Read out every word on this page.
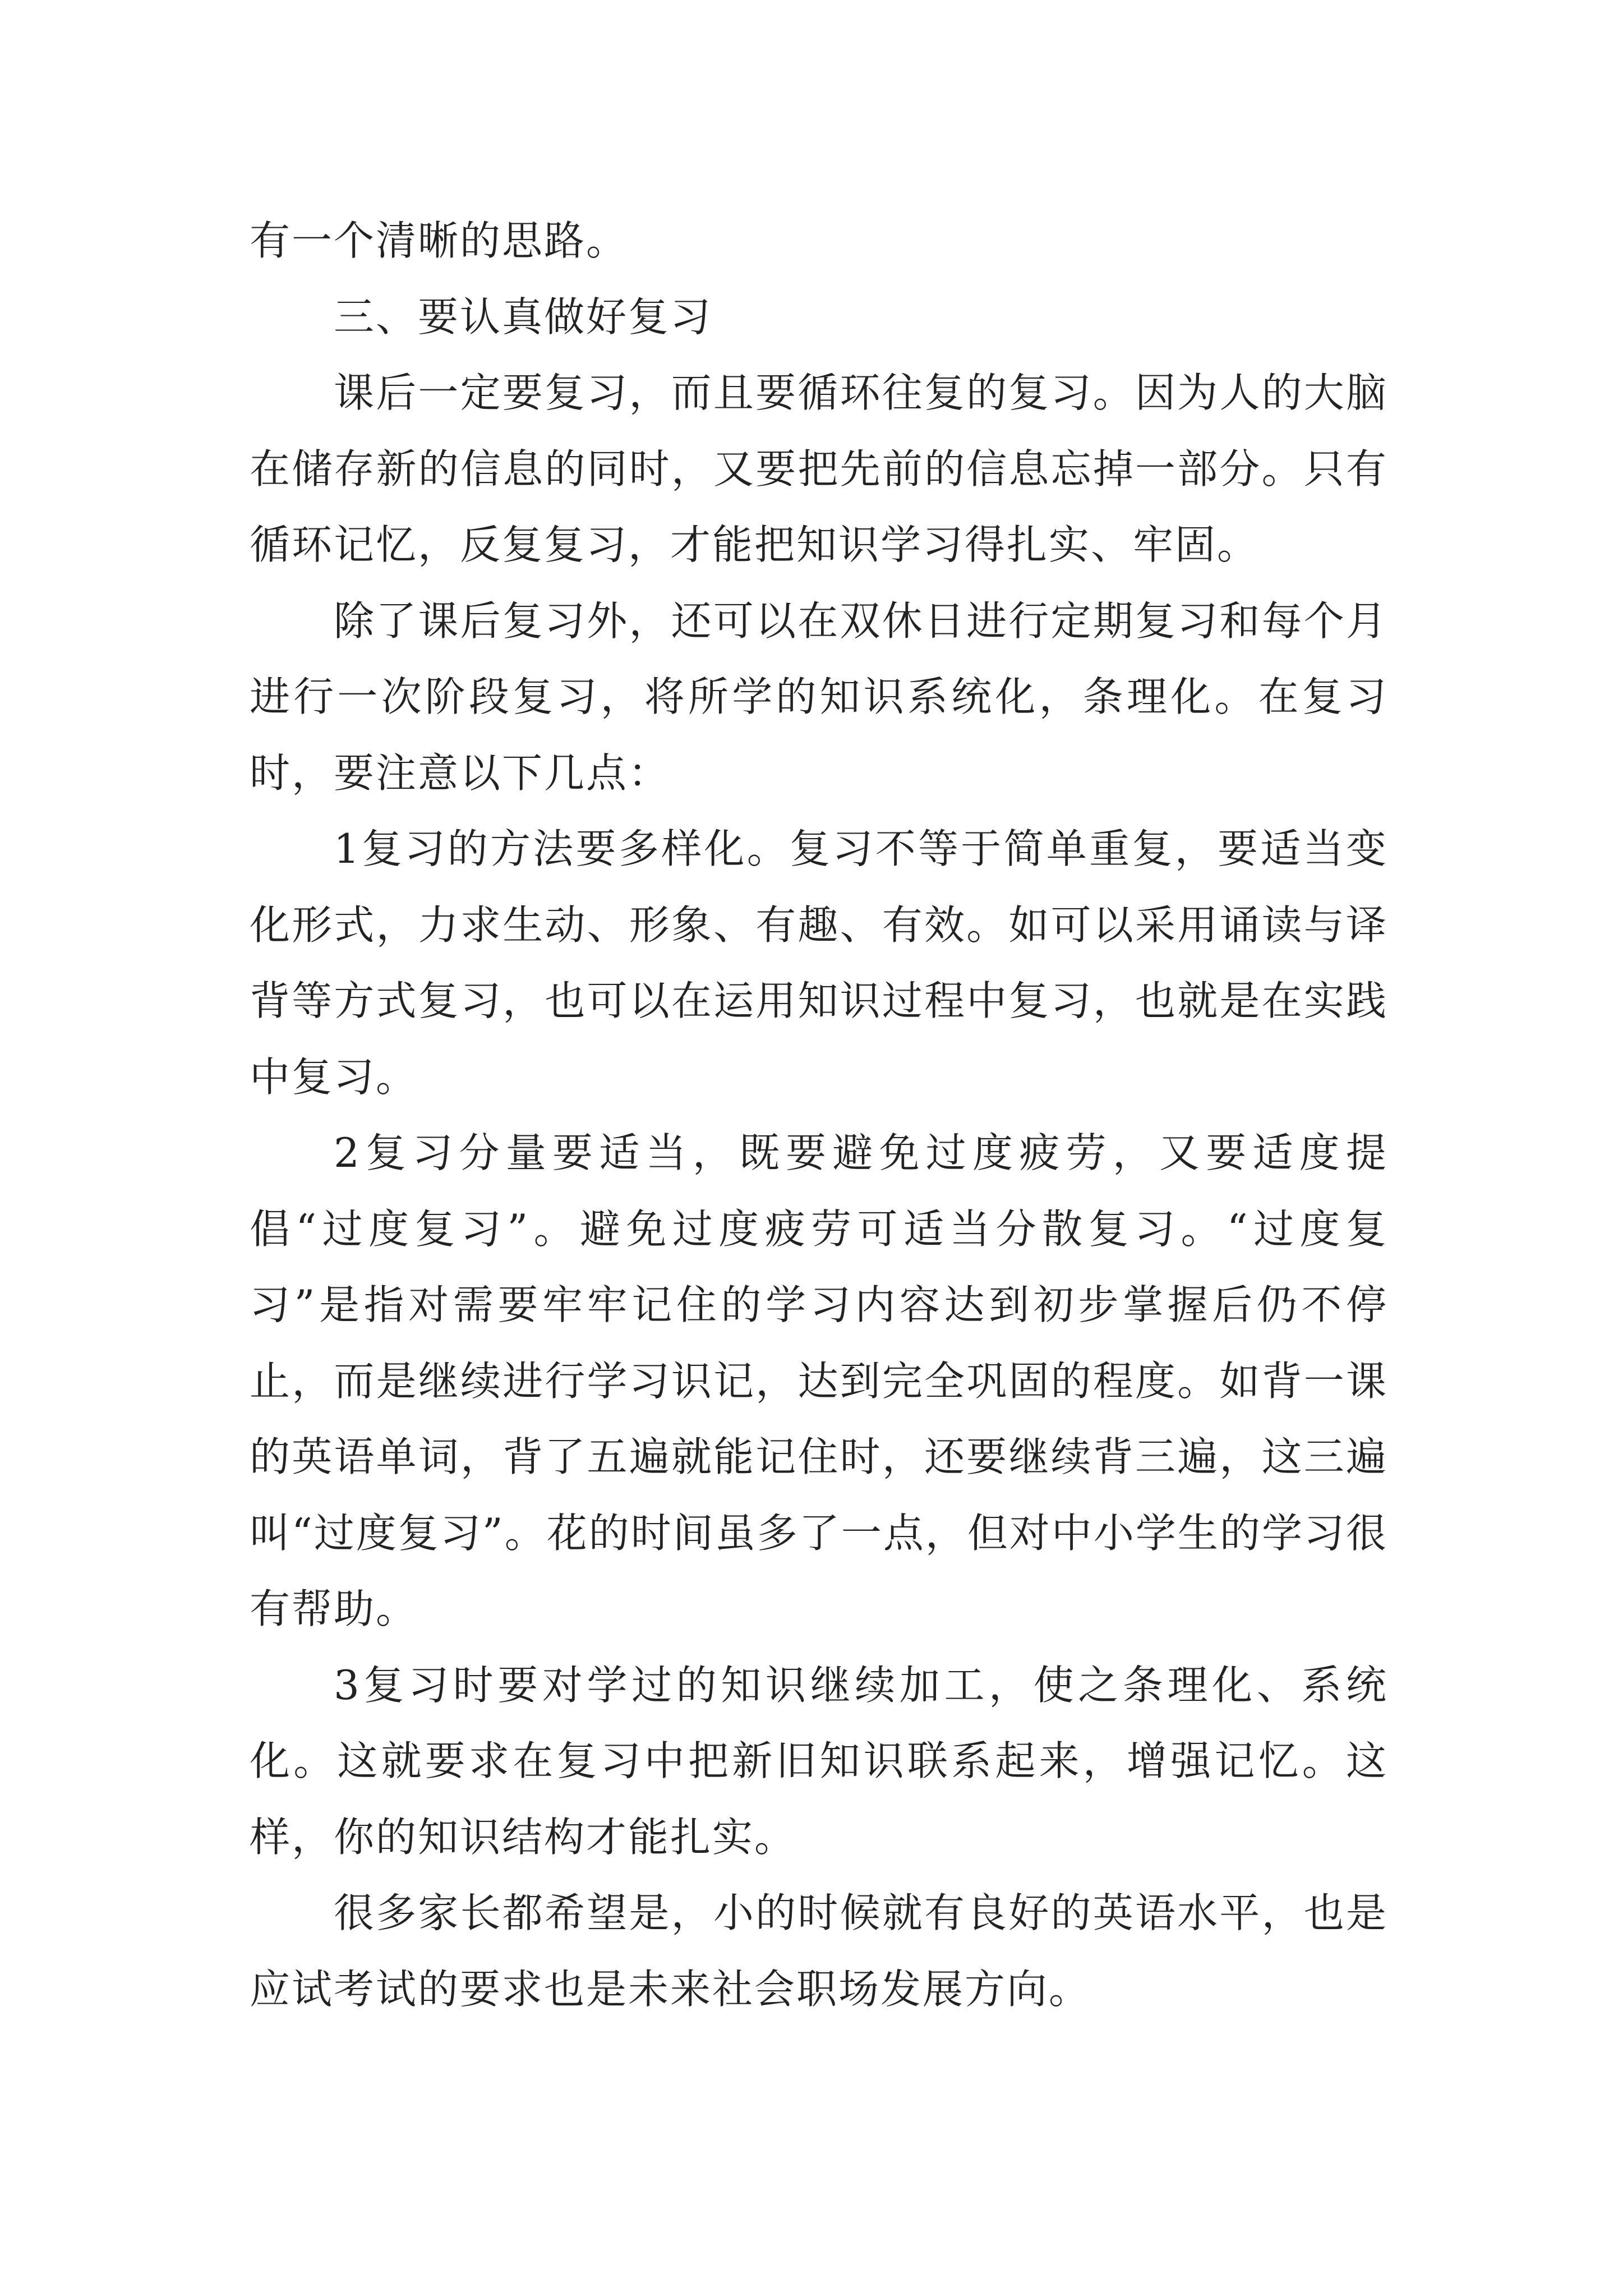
有一个清晰的思路。

三、要认真做好复习

课后一定要复习，而且要循环往复的复习。因为人的大脑在储存新的信息的同时，又要把先前的信息忘掉一部分。只有循环记忆，反复复习，才能把知识学习得扎实、牢固。

除了课后复习外，还可以在双休日进行定期复习和每个月进行一次阶段复习，将所学的知识系统化，条理化。在复习时，要注意以下几点：

1复习的方法要多样化。复习不等于简单重复，要适当变化形式，力求生动、形象、有趣、有效。如可以采用诵读与译背等方式复习，也可以在运用知识过程中复习，也就是在实践中复习。

2复习分量要适当，既要避免过度疲劳，又要适度提倡“过度复习”。避免过度疲劳可适当分散复习。“过度复习”是指对需要牢牢记住的学习内容达到初步掌握后仍不停止，而是继续进行学习识记，达到完全巩固的程度。如背一课的英语单词，背了五遍就能记住时，还要继续背三遍，这三遍叫“过度复习”。花的时间虽多了一点，但对中小学生的学习很有帮助。

3复习时要对学过的知识继续加工，使之条理化、系统化。这就要求在复习中把新旧知识联系起来，增强记忆。这样，你的知识结构才能扎实。

很多家长都希望是，小的时候就有良好的英语水平，也是应试考试的要求也是未来社会职场发展方向。
